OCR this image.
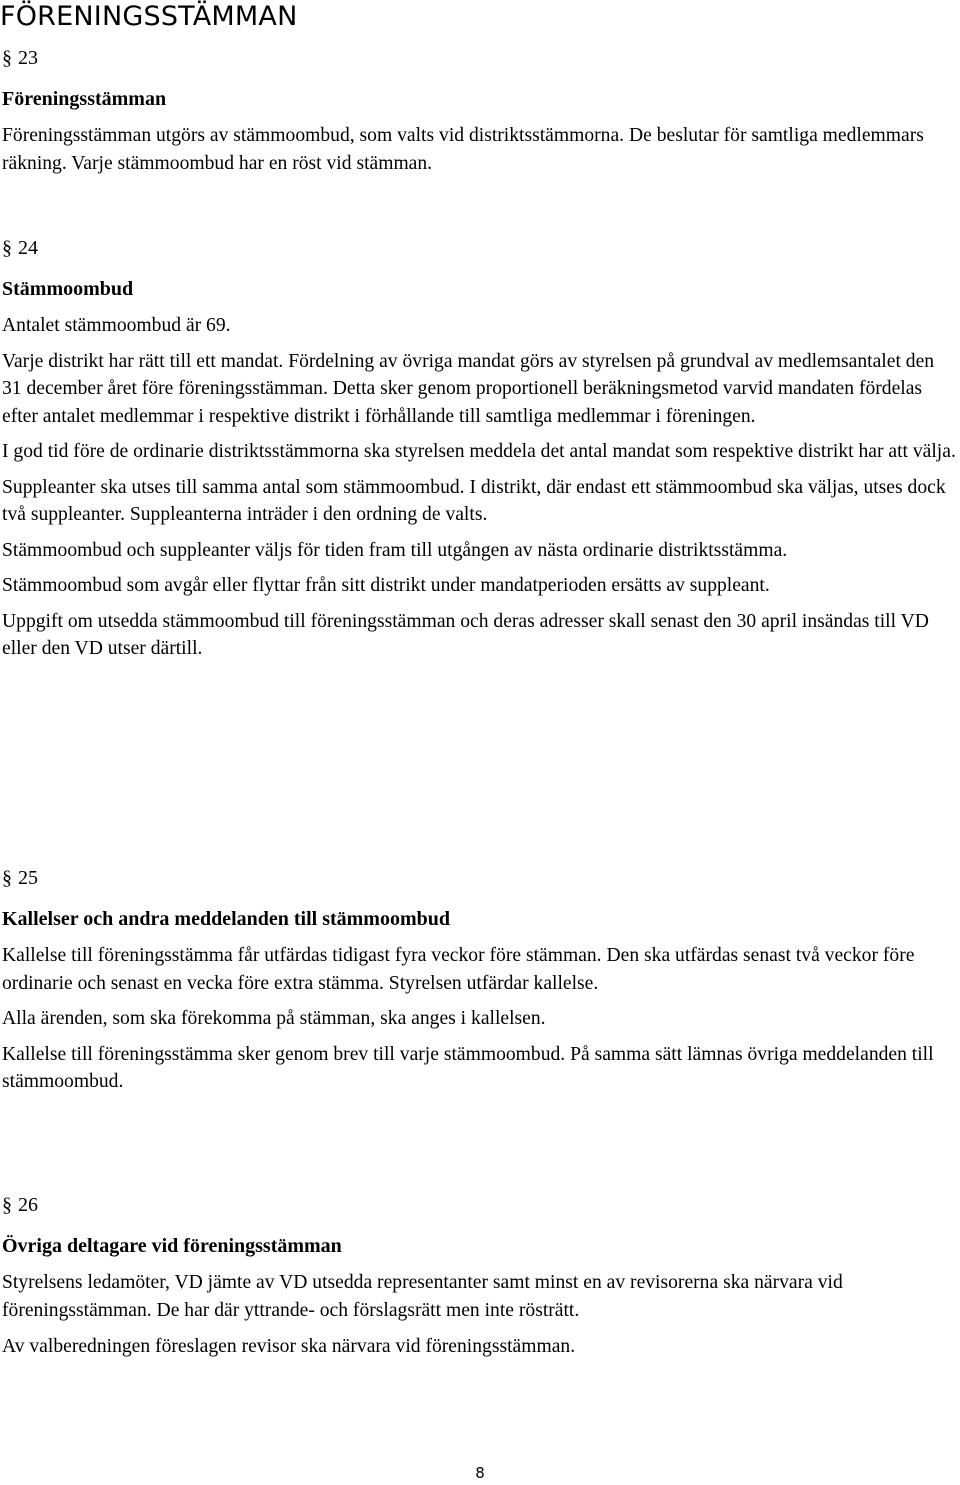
FÖRENINGSSTÄMMAN
§ 23
Föreningsstämman

Föreningsstämman utgörs av stämmoombud, som valts vid distriktsstämmorna. De beslutar för samtliga medlemmars räkning. Varje stämmoombud har en röst vid stämman.

§ 24
Stämmoombud

Antalet stämmoombud är 69.

Varje distrikt har rätt till ett mandat. Fördelning av övriga mandat görs av styrelsen på grundval av medlemsantalet den 31 december året före föreningsstämman. Detta sker genom proportionell beräkningsmetod varvid mandaten fördelas efter antalet medlemmar i respektive distrikt i förhållande till samtliga medlemmar i föreningen.

I god tid före de ordinarie distriktsstämmorna ska styrelsen meddela det antal mandat som respektive distrikt har att välja.

Suppleanter ska utses till samma antal som stämmoombud. I distrikt, där endast ett stämmoombud ska väljas, utses dock två suppleanter. Suppleanterna inträder i den ordning de valts.

Stämmoombud och suppleanter väljs för tiden fram till utgången av nästa ordinarie distriktsstämma.

Stämmoombud som avgår eller flyttar från sitt distrikt under mandatperioden ersätts av suppleant.

Uppgift om utsedda stämmoombud till föreningsstämman och deras adresser skall senast den 30 april insändas till VD eller den VD utser därtill.

§ 25
Kallelser och andra meddelanden till stämmoombud

Kallelse till föreningsstämma får utfärdas tidigast fyra veckor före stämman. Den ska utfärdas senast två veckor före ordinarie och senast en vecka före extra stämma. Styrelsen utfärdar kallelse.

Alla ärenden, som ska förekomma på stämman, ska anges i kallelsen.

Kallelse till föreningsstämma sker genom brev till varje stämmoombud. På samma sätt lämnas övriga meddelanden till stämmoombud.

§ 26
Övriga deltagare vid föreningsstämman

Styrelsens ledamöter, VD jämte av VD utsedda representanter samt minst en av revisorerna ska närvara vid föreningsstämman. De har där yttrande- och förslagsrätt men inte rösträtt.

Av valberedningen föreslagen revisor ska närvara vid föreningsstämman.

8
